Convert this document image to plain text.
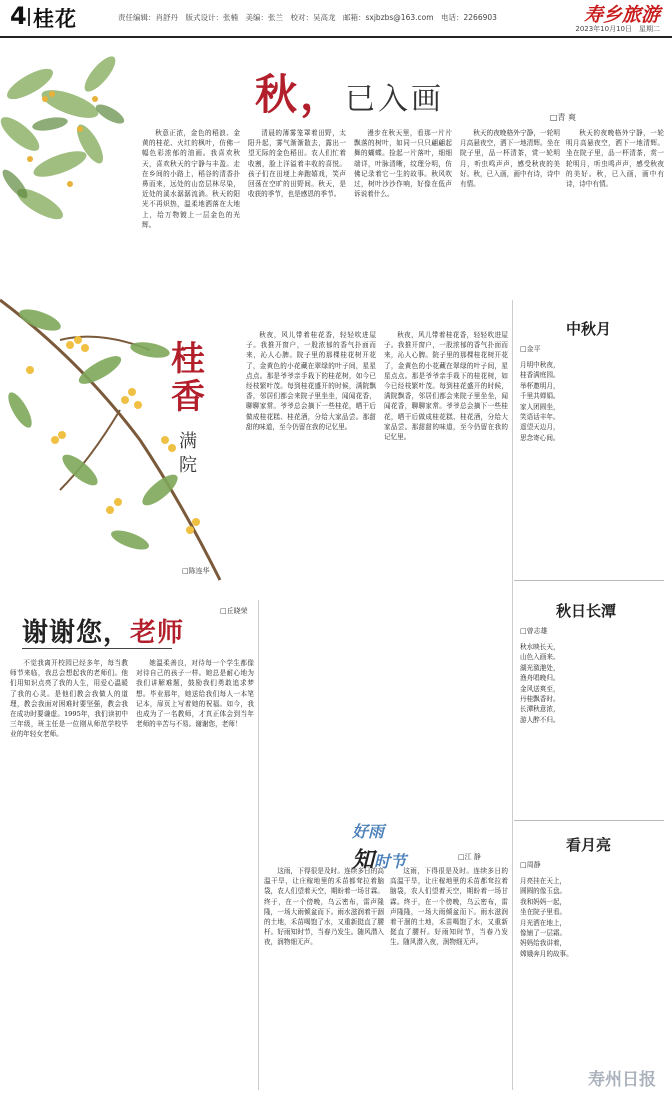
4 桂花	责任编辑：肖舒丹　版式设计：张楠　美编：张兰　校对：吴高龙　邮箱：sxjbzbs@163.com　电话：2266903	寿乡旅游
2023年10月10日　星期二
秋，已入画
□青 爽
秋意正浓，金色的稻浪、金黄的桂花、火红的枫叶，仿佛一幅色彩浓郁的油画。我喜欢秋天，喜欢秋天的宁静与丰盈。走在乡间的小路上，稻谷的清香扑鼻而来，远处的山峦层林尽染，近处的溪水潺潺流淌。秋天的阳光不再炽热，温柔地洒落在大地上，给万物镀上一层金色的光辉。
清晨的薄雾笼罩着田野，太阳升起，雾气渐渐散去，露出一望无际的金色稻田。农人们忙着收割，脸上洋溢着丰收的喜悦。孩子们在田埂上奔跑嬉戏，笑声回荡在空旷的田野间。秋天，是收获的季节，也是感恩的季节。
漫步在秋天里，看那一片片飘落的树叶，如同一只只翩翩起舞的蝴蝶。捡起一片落叶，细细端详，叶脉清晰，纹理分明，仿佛记录着它一生的故事。秋风吹过，树叶沙沙作响，好像在低声诉说着什么。
秋天的夜晚格外宁静，一轮明月高悬夜空，洒下一地清辉。坐在院子里，品一杯清茶，赏一轮明月，听虫鸣声声，感受秋夜的美好。秋，已入画，画中有诗，诗中有情。
秋天的夜晚格外宁静，一轮明月高悬夜空，洒下一地清辉。坐在院子里，品一杯清茶，赏一轮明月，听虫鸣声声，感受秋夜的美好。秋，已入画，画中有诗，诗中有情。
桂香
满院
□陈连华
秋夜，风儿带着桂花香，轻轻吹进屋子。我推开窗户，一股浓郁的香气扑面而来，沁人心脾。院子里的那棵桂花树开花了，金黄色的小花藏在翠绿的叶子间，星星点点。那是爷爷亲手栽下的桂花树，如今已经枝繁叶茂。每到桂花盛开的时候，满院飘香，邻居们都会来院子里坐坐，闻闻花香，聊聊家常。爷爷总会摘下一些桂花，晒干后做成桂花糕、桂花酒，分给大家品尝。那甜甜的味道，至今仍留在我的记忆里。
秋夜，风儿带着桂花香，轻轻吹进屋子。我推开窗户，一股浓郁的香气扑面而来，沁人心脾。院子里的那棵桂花树开花了，金黄色的小花藏在翠绿的叶子间，星星点点。那是爷爷亲手栽下的桂花树，如今已经枝繁叶茂。每到桂花盛开的时候，满院飘香，邻居们都会来院子里坐坐，闻闻花香，聊聊家常。爷爷总会摘下一些桂花，晒干后做成桂花糕、桂花酒，分给大家品尝。那甜甜的味道，至今仍留在我的记忆里。
谢谢您，老师
□丘晓荣
不觉我离开校园已经多年，每当教师节来临，我总会想起我的老师们。他们用知识点亮了我的人生，用爱心温暖了我的心灵。是他们教会我做人的道理，教会我面对困难时要坚强，教会我在成功时要谦虚。1995年，我们读初中三年级，班主任是一位刚从师范学校毕业的年轻女老师。
她温柔善良，对待每一个学生都像对待自己的孩子一样。她总是耐心地为我们讲解难题，鼓励我们勇敢追求梦想。毕业那年，她送给我们每人一本笔记本，扉页上写着她的祝福。如今，我也成为了一名教师，才真正体会到当年老师的辛苦与不易。谢谢您，老师！
好雨
知时节	□江 静
这雨，下得很是及时。连续多日的高温干旱，让庄稼地里的禾苗都耷拉着脑袋，农人们望着天空，期盼着一场甘霖。终于，在一个傍晚，乌云密布，雷声隆隆，一场大雨倾盆而下。雨水滋润着干涸的土地，禾苗喝饱了水，又重新挺直了腰杆。好雨知时节，当春乃发生。随风潜入夜，润物细无声。
这雨，下得很是及时。连续多日的高温干旱，让庄稼地里的禾苗都耷拉着脑袋，农人们望着天空，期盼着一场甘霖。终于，在一个傍晚，乌云密布，雷声隆隆，一场大雨倾盆而下。雨水滋润着干涸的土地，禾苗喝饱了水，又重新挺直了腰杆。好雨知时节，当春乃发生。随风潜入夜，润物细无声。
中秋月
□金平
月明中秋夜，
桂香满庭园。
举杯邀明月，
千里共婵娟。
家人团圆坐，
笑语话丰年。
遥望天边月，
思念寄心间。
秋日长潭
□曾志雄
秋水映长天，
山色入画来。
湖光潋滟处，
渔舟唱晚归。
金风送爽至，
丹桂飘香时。
长潭秋意浓，
游人醉不归。
看月亮
□周静
月亮挂在天上，
圆圆的像玉盘。
我和妈妈一起，
坐在院子里看。
月光洒在地上，
像铺了一层霜。
妈妈给我讲着，
嫦娥奔月的故事。
寿州日报
